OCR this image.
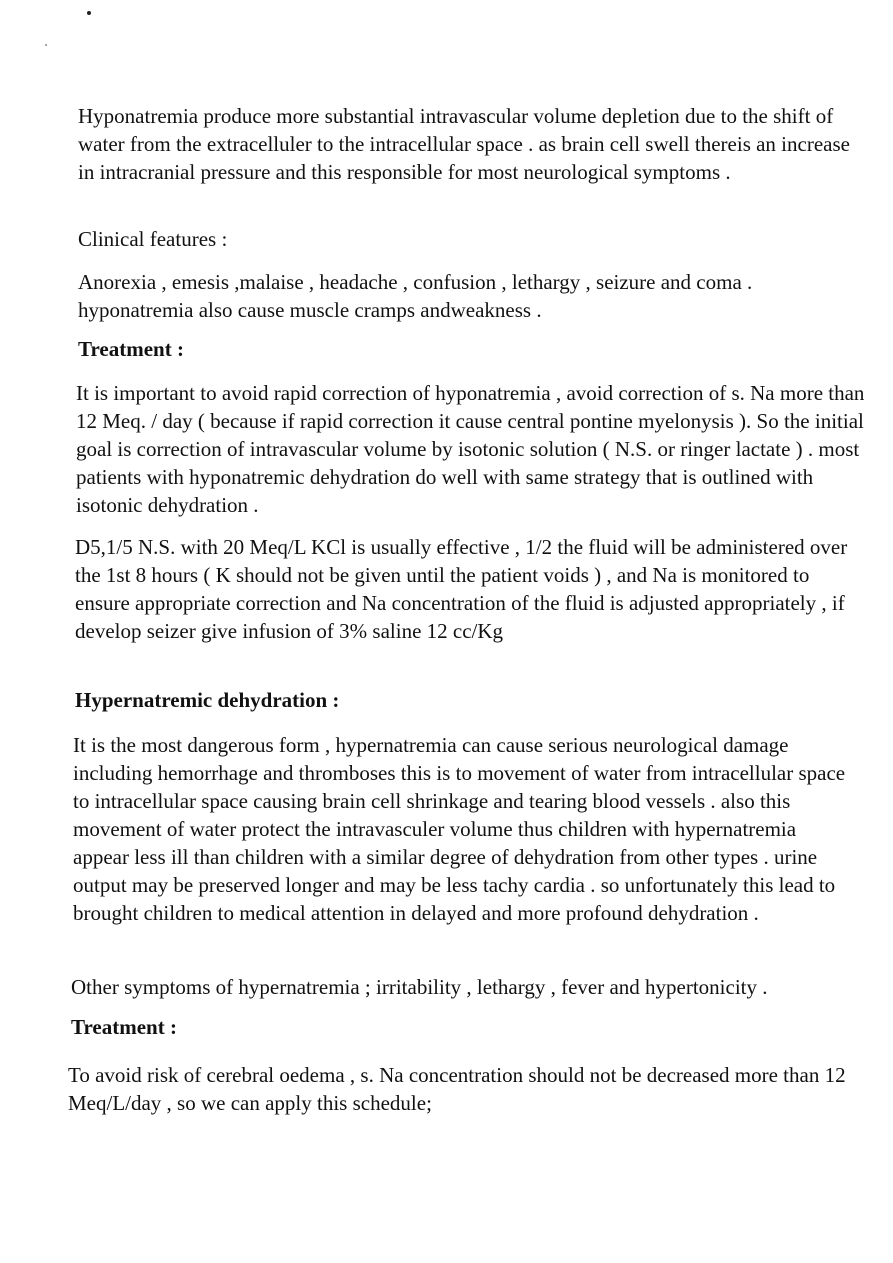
Hyponatremia produce more substantial intravascular volume depletion due to the shift of water from the extracelluler to the intracellular space . as brain cell swell thereis an increase in intracranial pressure and this responsible for most neurological symptoms .

Clinical features :

Anorexia , emesis ,malaise , headache , confusion , lethargy , seizure and coma . hyponatremia also cause muscle cramps andweakness .

Treatment :

It is important to avoid rapid correction of hyponatremia , avoid correction of s. Na more than 12 Meq. / day ( because if rapid correction it cause central pontine myelonysis ). So the initial goal is correction of intravascular volume by isotonic solution ( N.S. or ringer lactate ) . most patients with hyponatremic dehydration do well with same strategy that is outlined with isotonic dehydration .

D5,1/5 N.S. with 20 Meq/L KCl is usually effective , 1/2 the fluid will be administered over the 1st 8 hours ( K should not be given until the patient voids ) , and Na is monitored to ensure appropriate correction and Na concentration of the fluid is adjusted appropriately , if develop seizer give infusion of 3% saline 12 cc/Kg

Hypernatremic dehydration :

It is the most dangerous form , hypernatremia can cause serious neurological damage including hemorrhage and thromboses this is to movement of water from intracellular space to intracellular space causing brain cell shrinkage and tearing blood vessels . also this movement of water protect the intravasculer volume thus children with hypernatremia appear less ill than children with a similar degree of dehydration from other types . urine output may be preserved longer and may be less tachy cardia . so unfortunately this lead to brought children to medical attention in delayed and more profound dehydration .

Other symptoms of hypernatremia ; irritability , lethargy , fever and hypertonicity .

Treatment :

To avoid risk of cerebral oedema , s. Na concentration should not be decreased more than 12 Meq/L/day , so we can apply this schedule;
